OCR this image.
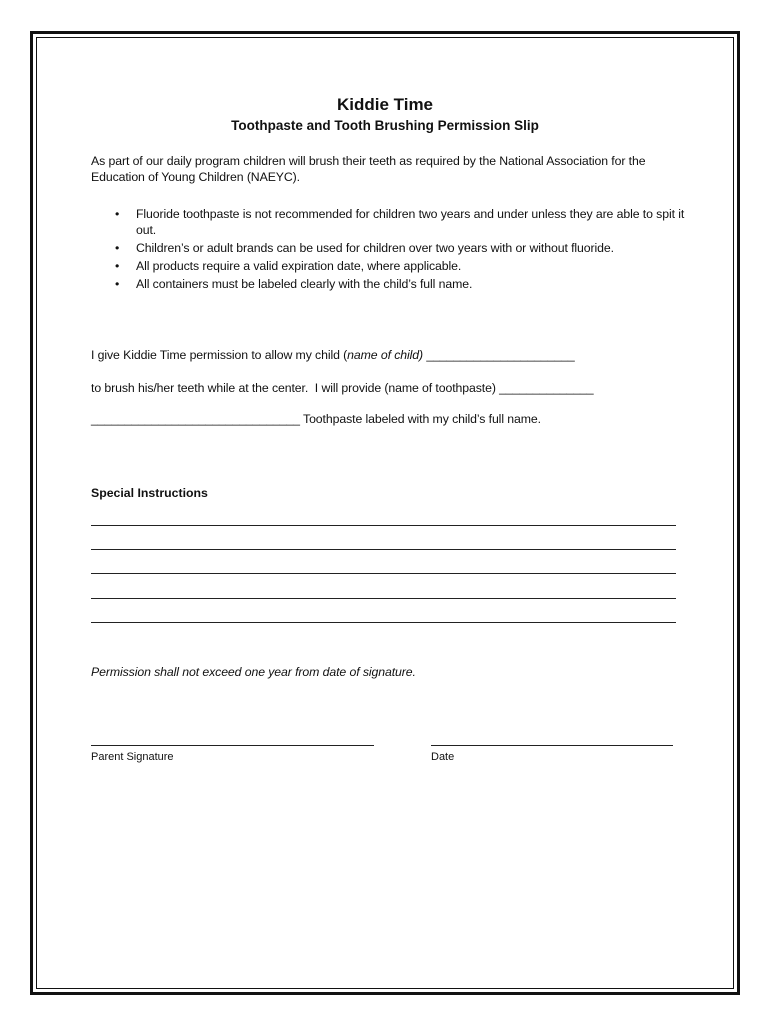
Kiddie Time
Toothpaste and Tooth Brushing Permission Slip
As part of our daily program children will brush their teeth as required by the National Association for the Education of Young Children (NAEYC).
• Fluoride toothpaste is not recommended for children two years and under unless they are able to spit it out.
• Children’s or adult brands can be used for children over two years with or without fluoride.
• All products require a valid expiration date, where applicable.
• All containers must be labeled clearly with the child’s full name.
I give Kiddie Time permission to allow my child (name of child) ______________________
to brush his/her teeth while at the center.  I will provide (name of toothpaste) ______________
_______________________________ Toothpaste labeled with my child’s full name.
Special Instructions
Permission shall not exceed one year from date of signature.
Parent Signature	Date
